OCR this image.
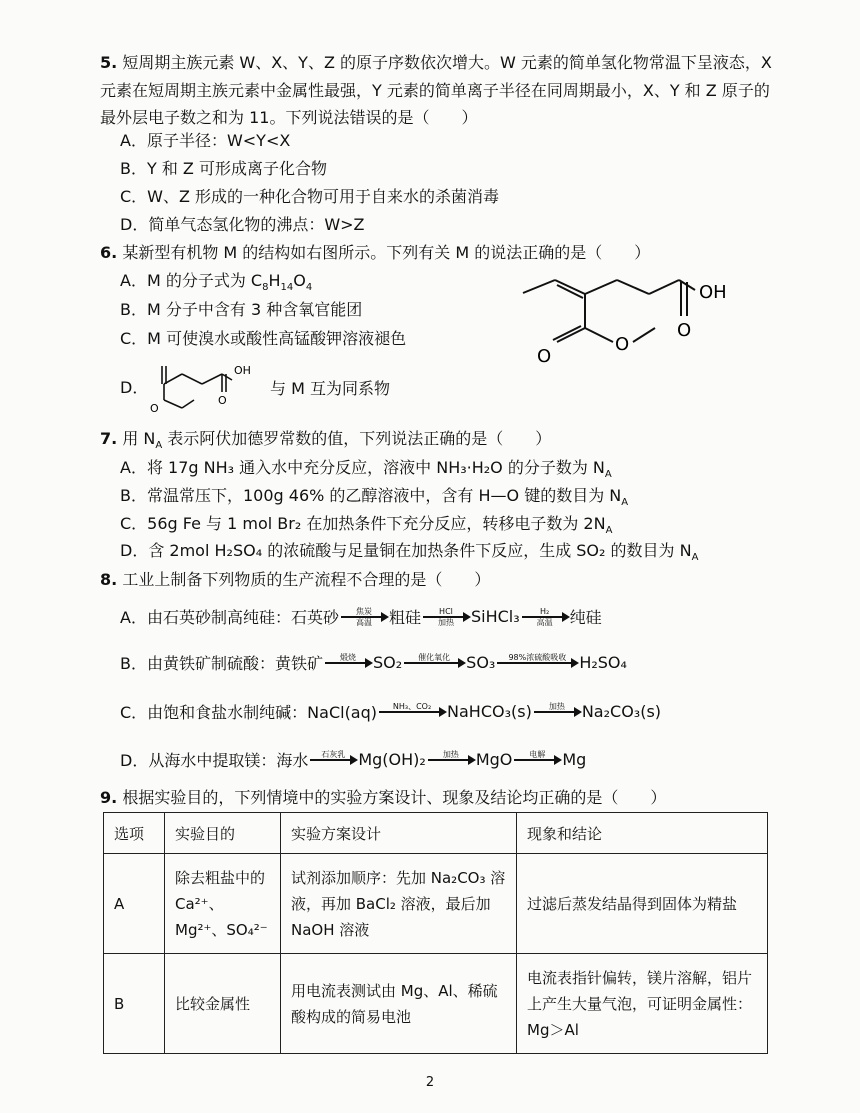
5. 短周期主族元素 W、X、Y、Z 的原子序数依次增大。W 元素的简单氢化物常温下呈液态，X
元素在短周期主族元素中金属性最强，Y 元素的简单离子半径在同周期最小，X、Y 和 Z 原子的
最外层电子数之和为 11。下列说法错误的是（　　）
A．原子半径：W<Y<X
B．Y 和 Z 可形成离子化合物
C．W、Z 形成的一种化合物可用于自来水的杀菌消毒
D．简单气态氢化物的沸点：W>Z
6. 某新型有机物 M 的结构如右图所示。下列有关 M 的说法正确的是（　　）
A．M 的分子式为 $C_8H_{14}O_4$
B．M 分子中含有 3 种含氧官能团
C．M 可使溴水或酸性高锰酸钾溶液褪色
OH
O
O
O
D．
OH
O
O
与 M 互为同系物
7. 用 $N_A$ 表示阿伏加德罗常数的值，下列说法正确的是（　　）
A．将 17g NH₃ 通入水中充分反应，溶液中 NH₃·H₂O 的分子数为 $N_A$
B．常温常压下，100g 46% 的乙醇溶液中，含有 H—O 键的数目为 $N_A$
C．56g Fe 与 1 mol Br₂ 在加热条件下充分反应，转移电子数为 $2N_A$
D．含 2mol H₂SO₄ 的浓硫酸与足量铜在加热条件下反应，生成 SO₂ 的数目为 $N_A$
8. 工业上制备下列物质的生产流程不合理的是（　　）
A．由石英砂制高纯硅：石英砂 焦炭
高温 粗硅 HCl
加热 SiHCl₃	H₂
高温 纯硅
B．由黄铁矿制硫酸：黄铁矿 煅烧 SO₂ 催化氧化 SO₃ 98%浓硫酸吸收 H₂SO₄
C．由饱和食盐水制纯碱：NaCl(aq) NH₃、CO₂ NaHCO₃(s) 加热 Na₂CO₃(s)
D．从海水中提取镁：海水 石灰乳 Mg(OH)₂ 加热 MgO 电解 Mg
9. 根据实验目的，下列情境中的实验方案设计、现象及结论均正确的是（　　）
选项	实验目的	实验方案设计	现象和结论
A	除去粗盐中的 Ca²⁺、Mg²⁺、SO₄²⁻	试剂添加顺序：先加 Na₂CO₃ 溶液，再加 BaCl₂ 溶液，最后加 NaOH 溶液	过滤后蒸发结晶得到固体为精盐
B	比较金属性	用电流表测试由 Mg、Al、稀硫酸构成的简易电池	电流表指针偏转，镁片溶解，铝片上产生大量气泡，可证明金属性：Mg＞Al
2
